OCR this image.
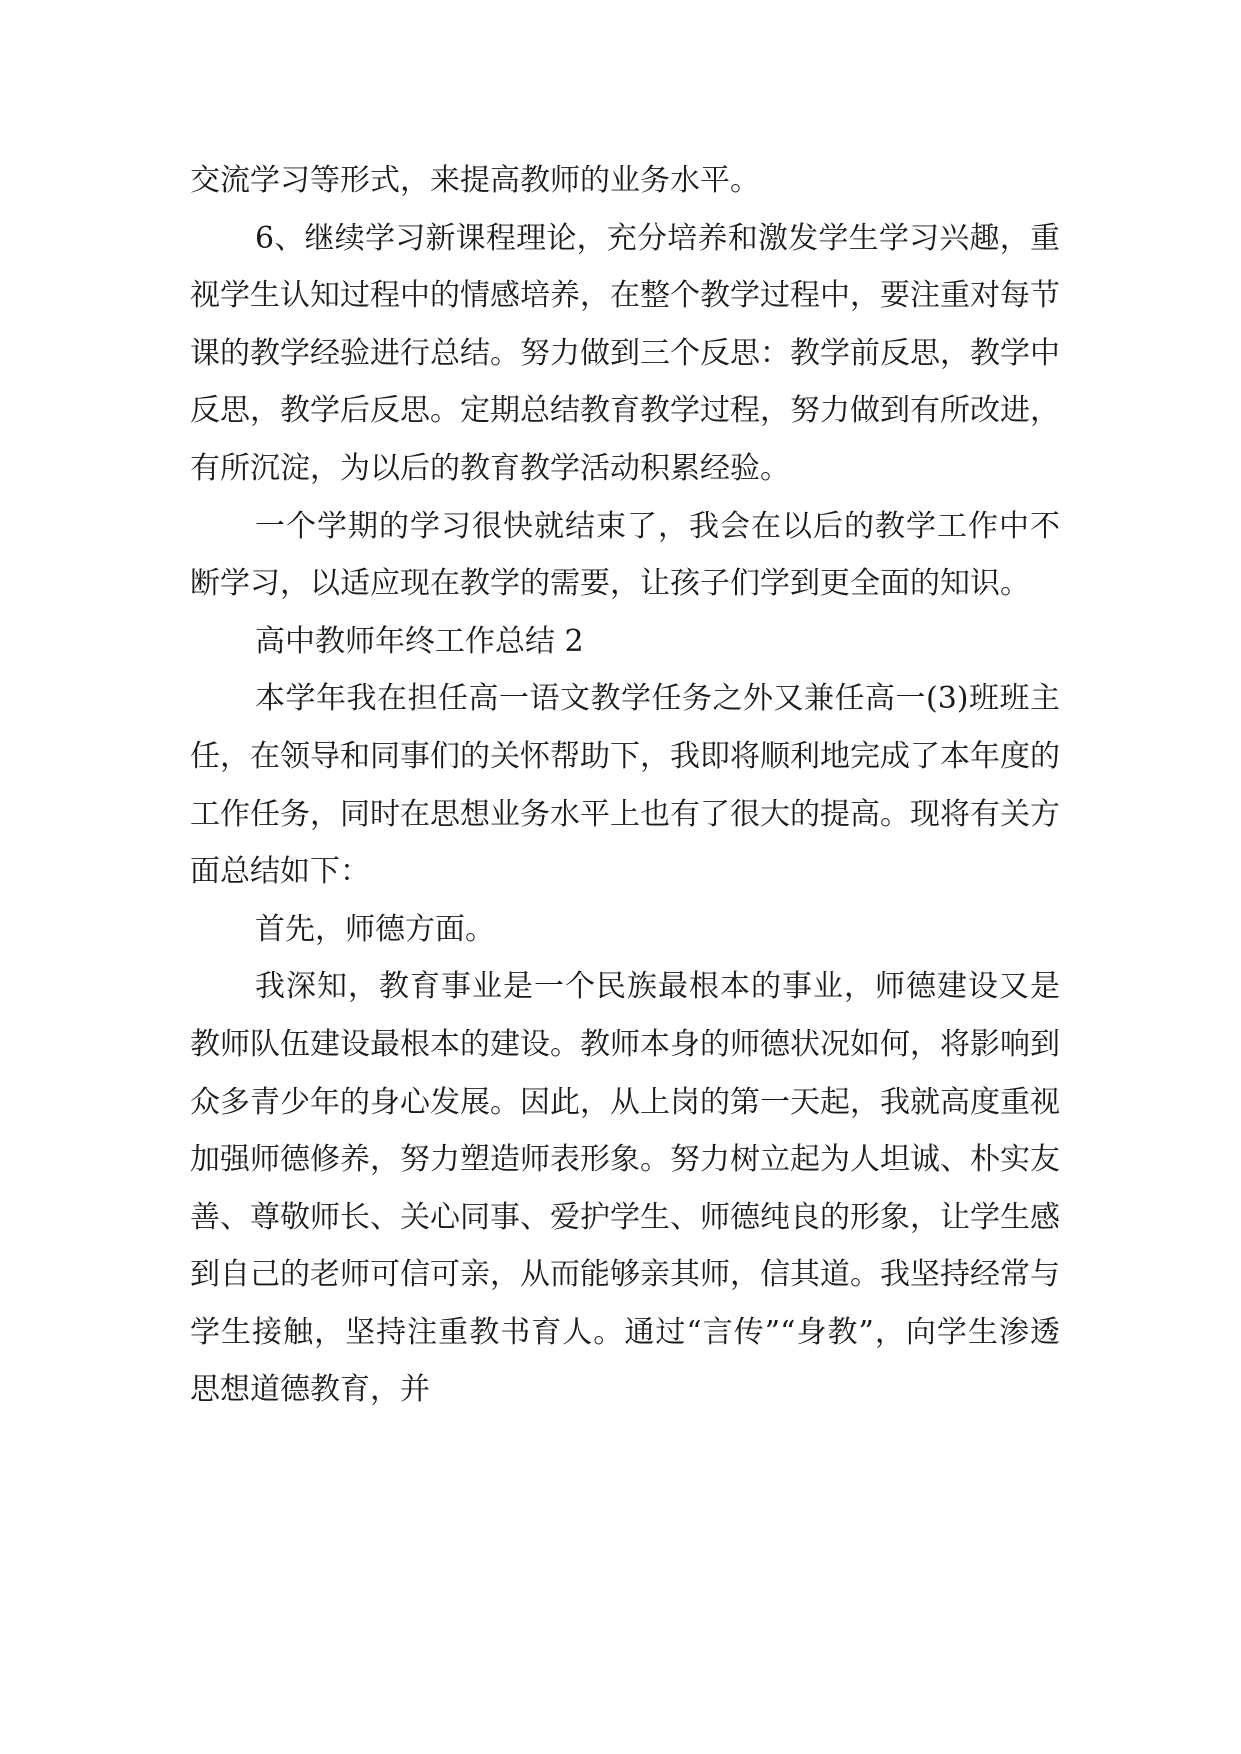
交流学习等形式，来提高教师的业务水平。

6、继续学习新课程理论，充分培养和激发学生学习兴趣，重视学生认知过程中的情感培养，在整个教学过程中，要注重对每节课的教学经验进行总结。努力做到三个反思：教学前反思，教学中反思，教学后反思。定期总结教育教学过程，努力做到有所改进，有所沉淀，为以后的教育教学活动积累经验。

一个学期的学习很快就结束了，我会在以后的教学工作中不断学习，以适应现在教学的需要，让孩子们学到更全面的知识。

高中教师年终工作总结 2

本学年我在担任高一语文教学任务之外又兼任高一(3)班班主任，在领导和同事们的关怀帮助下，我即将顺利地完成了本年度的工作任务，同时在思想业务水平上也有了很大的提高。现将有关方面总结如下：

首先，师德方面。

我深知，教育事业是一个民族最根本的事业，师德建设又是教师队伍建设最根本的建设。教师本身的师德状况如何，将影响到众多青少年的身心发展。因此，从上岗的第一天起，我就高度重视加强师德修养，努力塑造师表形象。努力树立起为人坦诚、朴实友善、尊敬师长、关心同事、爱护学生、师德纯良的形象，让学生感到自己的老师可信可亲，从而能够亲其师，信其道。我坚持经常与学生接触，坚持注重教书育人。通过“言传”“身教”，向学生渗透思想道德教育，并
